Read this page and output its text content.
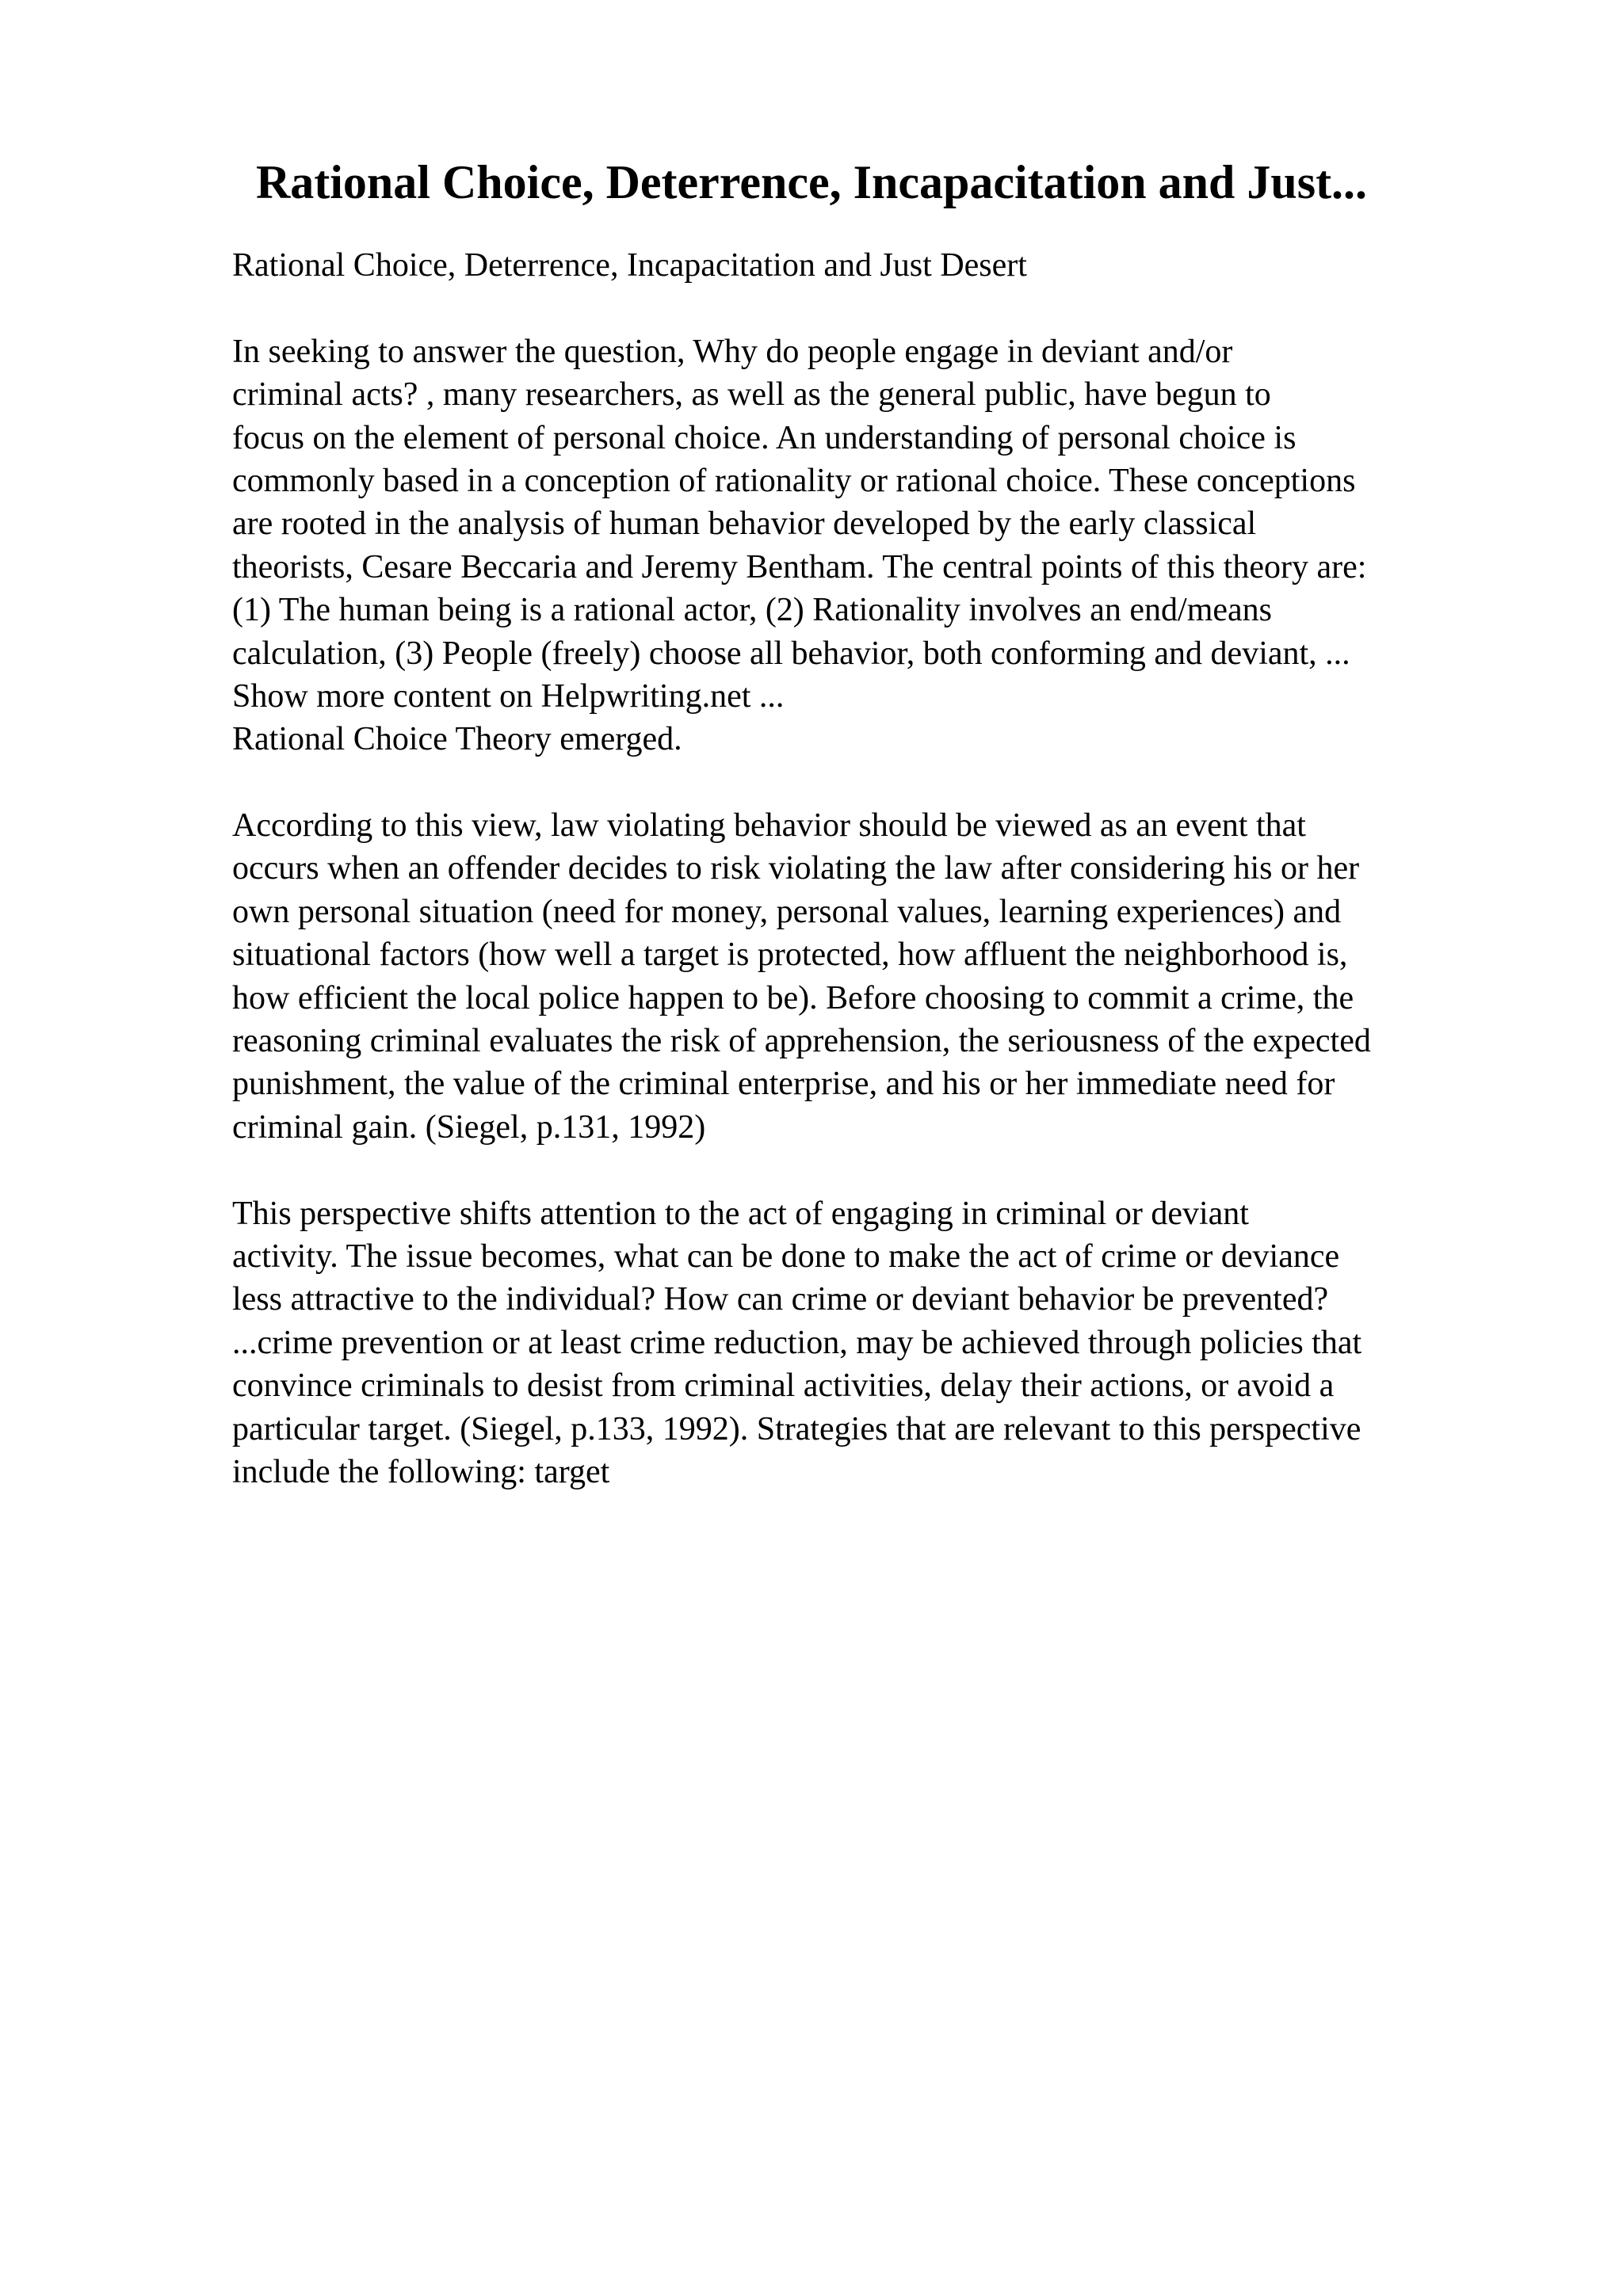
Rational Choice, Deterrence, Incapacitation and Just...
Rational Choice, Deterrence, Incapacitation and Just Desert
In seeking to answer the question, Why do people engage in deviant and/or
criminal acts? , many researchers, as well as the general public, have begun to
focus on the element of personal choice. An understanding of personal choice is
commonly based in a conception of rationality or rational choice. These conceptions
are rooted in the analysis of human behavior developed by the early classical
theorists, Cesare Beccaria and Jeremy Bentham. The central points of this theory are:
(1) The human being is a rational actor, (2) Rationality involves an end/means
calculation, (3) People (freely) choose all behavior, both conforming and deviant, ...
Show more content on Helpwriting.net ...
Rational Choice Theory emerged.
According to this view, law violating behavior should be viewed as an event that
occurs when an offender decides to risk violating the law after considering his or her
own personal situation (need for money, personal values, learning experiences) and
situational factors (how well a target is protected, how affluent the neighborhood is,
how efficient the local police happen to be). Before choosing to commit a crime, the
reasoning criminal evaluates the risk of apprehension, the seriousness of the expected
punishment, the value of the criminal enterprise, and his or her immediate need for
criminal gain. (Siegel, p.131, 1992)
This perspective shifts attention to the act of engaging in criminal or deviant
activity. The issue becomes, what can be done to make the act of crime or deviance
less attractive to the individual? How can crime or deviant behavior be prevented?
...crime prevention or at least crime reduction, may be achieved through policies that
convince criminals to desist from criminal activities, delay their actions, or avoid a
particular target. (Siegel, p.133, 1992). Strategies that are relevant to this perspective
include the following: target
